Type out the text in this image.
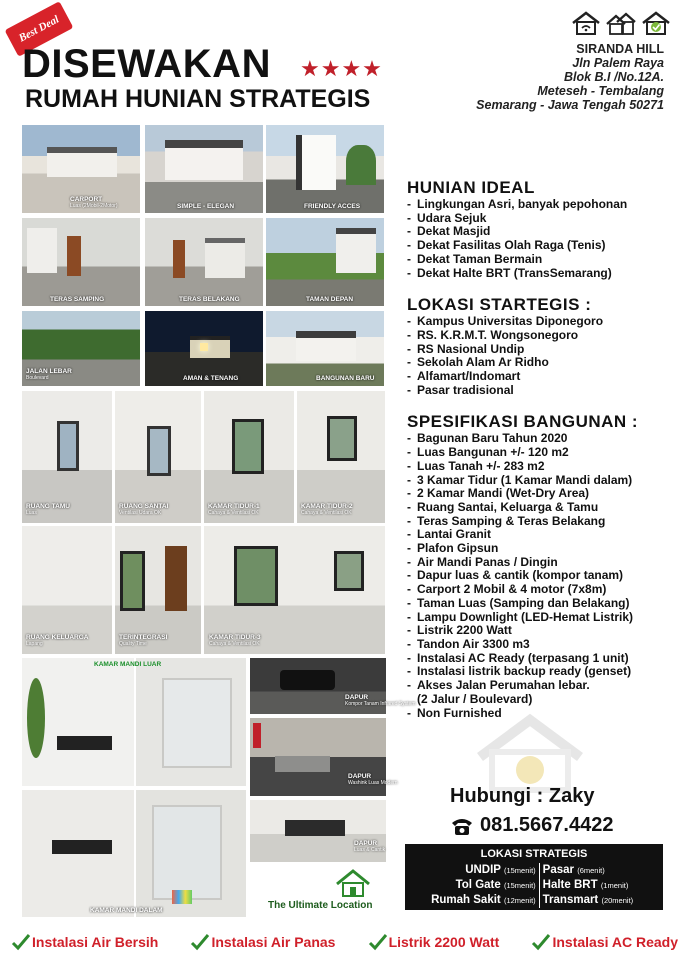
Best Deal
DISEWAKAN ★★★★
RUMAH HUNIAN STRATEGIS
SIRANDA HILL
Jln Palem Raya
Blok B.I /No.12A.
Meteseh - Tembalang
Semarang - Jawa Tengah 50271
CARPORT
Luas (2Mobil-2Motor)	SIMPLE - ELEGAN	FRIENDLY ACCES
TERAS SAMPING	TERAS BELAKANG	TAMAN DEPAN
JALAN LEBAR
Boulevard	AMAN & TENANG	BANGUNAN BARU
RUANG TAMU
Luas
RUANG SANTAI
Ventilasi Udara OK
KAMAR TIDUR-1
Cahaya & Ventilasi OK
KAMAR TIDUR-2
Cahaya & Ventilasi OK
RUANG KELUARGA
Lapang
TERINTEGRASI
Quality Time
KAMAR TIDUR-3
Cahaya & Ventilasi OK
KAMAR MANDI LUAR
DAPUR
Kompor Tanam Infrared System
DAPUR
Washink Luas Modern
DAPUR
Luas & Cantik
KAMAR MANDI DALAM
HUNIAN IDEAL
- Lingkungan Asri, banyak pepohonan
- Udara Sejuk
- Dekat Masjid
- Dekat Fasilitas Olah Raga (Tenis)
- Dekat Taman Bermain
- Dekat Halte BRT (TransSemarang)
LOKASI STARTEGIS :
- Kampus Universitas Diponegoro
- RS. K.R.M.T. Wongsonegoro
- RS Nasional Undip
- Sekolah Alam Ar Ridho
- Alfamart/Indomart
- Pasar tradisional
SPESIFIKASI BANGUNAN :
- Bagunan Baru Tahun 2020
- Luas Bangunan +/- 120 m2
- Luas Tanah +/- 283 m2
- 3 Kamar Tidur (1 Kamar Mandi dalam)
- 2 Kamar Mandi (Wet-Dry Area)
- Ruang Santai, Keluarga & Tamu
- Teras Samping & Teras Belakang
- Lantai Granit
- Plafon Gipsun
- Air Mandi Panas / Dingin
- Dapur luas & cantik (kompor tanam)
- Carport 2 Mobil & 4 motor (7x8m)
- Taman Luas (Samping dan Belakang)
- Lampu Downlight (LED-Hemat Listrik)
- Listrik 2200 Watt
- Tandon Air 3300 m3
- Instalasi AC Ready (terpasang 1 unit)
- Instalasi listrik backup ready (genset)
- Akses Jalan Perumahan lebar.
(2 Jalur / Boulevard)
- Non Furnished
Hubungi : Zaky
081.5667.4422
LOKASI STRATEGIS
UNDIP (15menit)	Pasar (6menit)
Tol Gate (15menit)	Halte BRT (1menit)
Rumah Sakit (12menit)	Transmart (20menit)
The Ultimate Location
Instalasi Air Bersih	Instalasi Air Panas	Listrik 2200 Watt	Instalasi AC Ready
